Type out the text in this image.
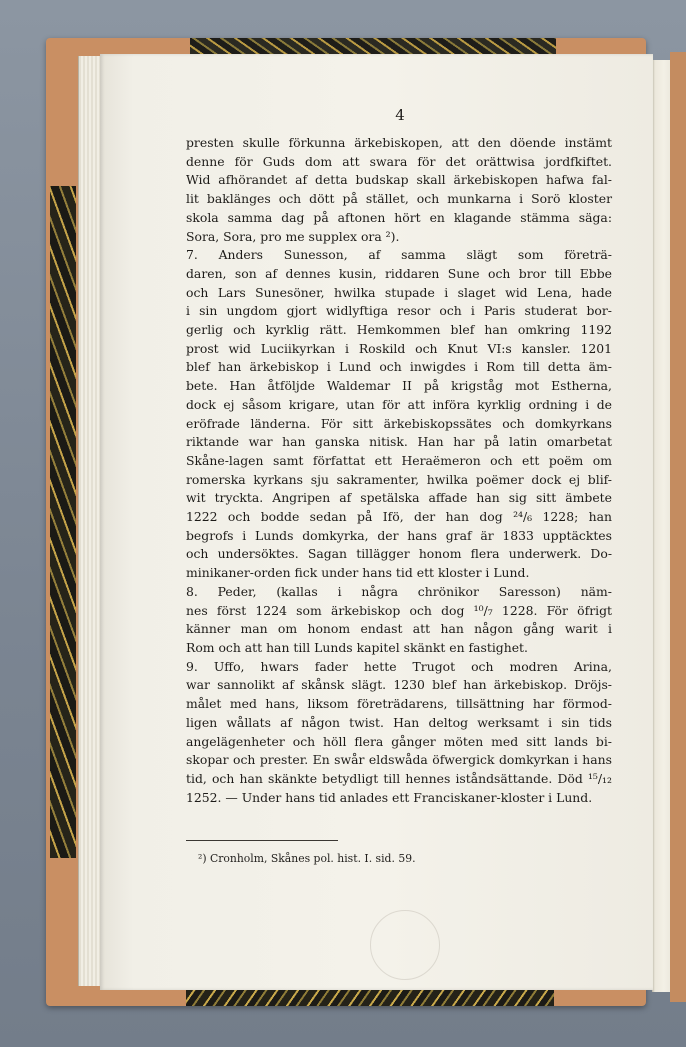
4
presten skulle förkunna ärkebiskopen, att den döende instämt
denne för Guds dom att swara för det orättwisa jordfkiftet.
Wid afhörandet af detta budskap skall ärkebiskopen hafwa fal-
lit baklänges och dött på stället, och munkarna i Sorö kloster
skola samma dag på aftonen hört en klagande stämma säga:
Sora, Sora, pro me supplex ora ²).
7. Anders Sunesson, af samma slägt som företrä-
daren, son af dennes kusin, riddaren Sune och bror till Ebbe
och Lars Sunesöner, hwilka stupade i slaget wid Lena, hade
i sin ungdom gjort widlyftiga resor och i Paris studerat bor-
gerlig och kyrklig rätt. Hemkommen blef han omkring 1192
prost wid Luciikyrkan i Roskild och Knut VI:s kansler. 1201
blef han ärkebiskop i Lund och inwigdes i Rom till detta äm-
bete. Han åtföljde Waldemar II på krigståg mot Estherna,
dock ej såsom krigare, utan för att införa kyrklig ordning i de
eröfrade länderna. För sitt ärkebiskopssätes och domkyrkans
riktande war han ganska nitisk. Han har på latin omarbetat
Skåne-lagen samt författat ett Heraëmeron och ett poëm om
romerska kyrkans sju sakramenter, hwilka poëmer dock ej blif-
wit tryckta. Angripen af spetälska affade han sig sitt ämbete
1222 och bodde sedan på Ifö, der han dog ²⁴/₆ 1228; han
begrofs i Lunds domkyrka, der hans graf är 1833 upptäcktes
och undersöktes. Sagan tillägger honom flera underwerk. Do-
minikaner-orden fick under hans tid ett kloster i Lund.
8. Peder, (kallas i några chrönikor Saresson) näm-
nes först 1224 som ärkebiskop och dog ¹⁰/₇ 1228. För öfrigt
känner man om honom endast att han någon gång warit i
Rom och att han till Lunds kapitel skänkt en fastighet.
9. Uffo, hwars fader hette Trugot och modren Arina,
war sannolikt af skånsk slägt. 1230 blef han ärkebiskop. Dröjs-
målet med hans, liksom företrädarens, tillsättning har förmod-
ligen wållats af någon twist. Han deltog werksamt i sin tids
angelägenheter och höll flera gånger möten med sitt lands bi-
skopar och prester. En swår eldswåda öfwergick domkyrkan i hans
tid, och han skänkte betydligt till hennes iståndsättande. Död ¹⁵/₁₂
1252. — Under hans tid anlades ett Franciskaner-kloster i Lund.
²) Cronholm, Skånes pol. hist. I. sid. 59.
